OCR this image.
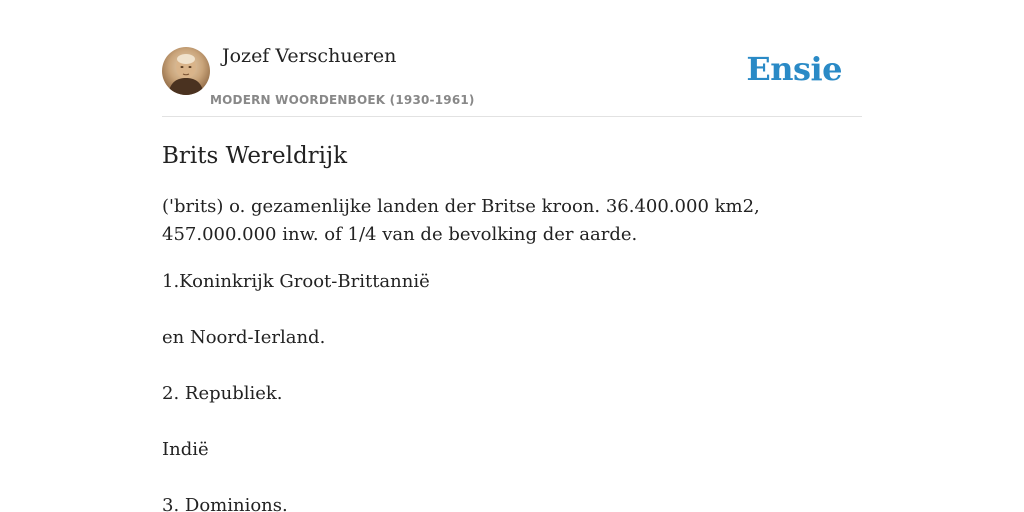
Jozef Verschueren
MODERN WOORDENBOEK (1930-1961)
Ensie
Brits Wereldrijk

('brits) o. gezamenlijke landen der Britse kroon. 36.400.000 km2, 457.000.000 inw. of 1/4 van de bevolking der aarde.

1.Koninkrijk Groot-Brittannië

en Noord-Ierland.

2. Republiek.

Indië

3. Dominions.
